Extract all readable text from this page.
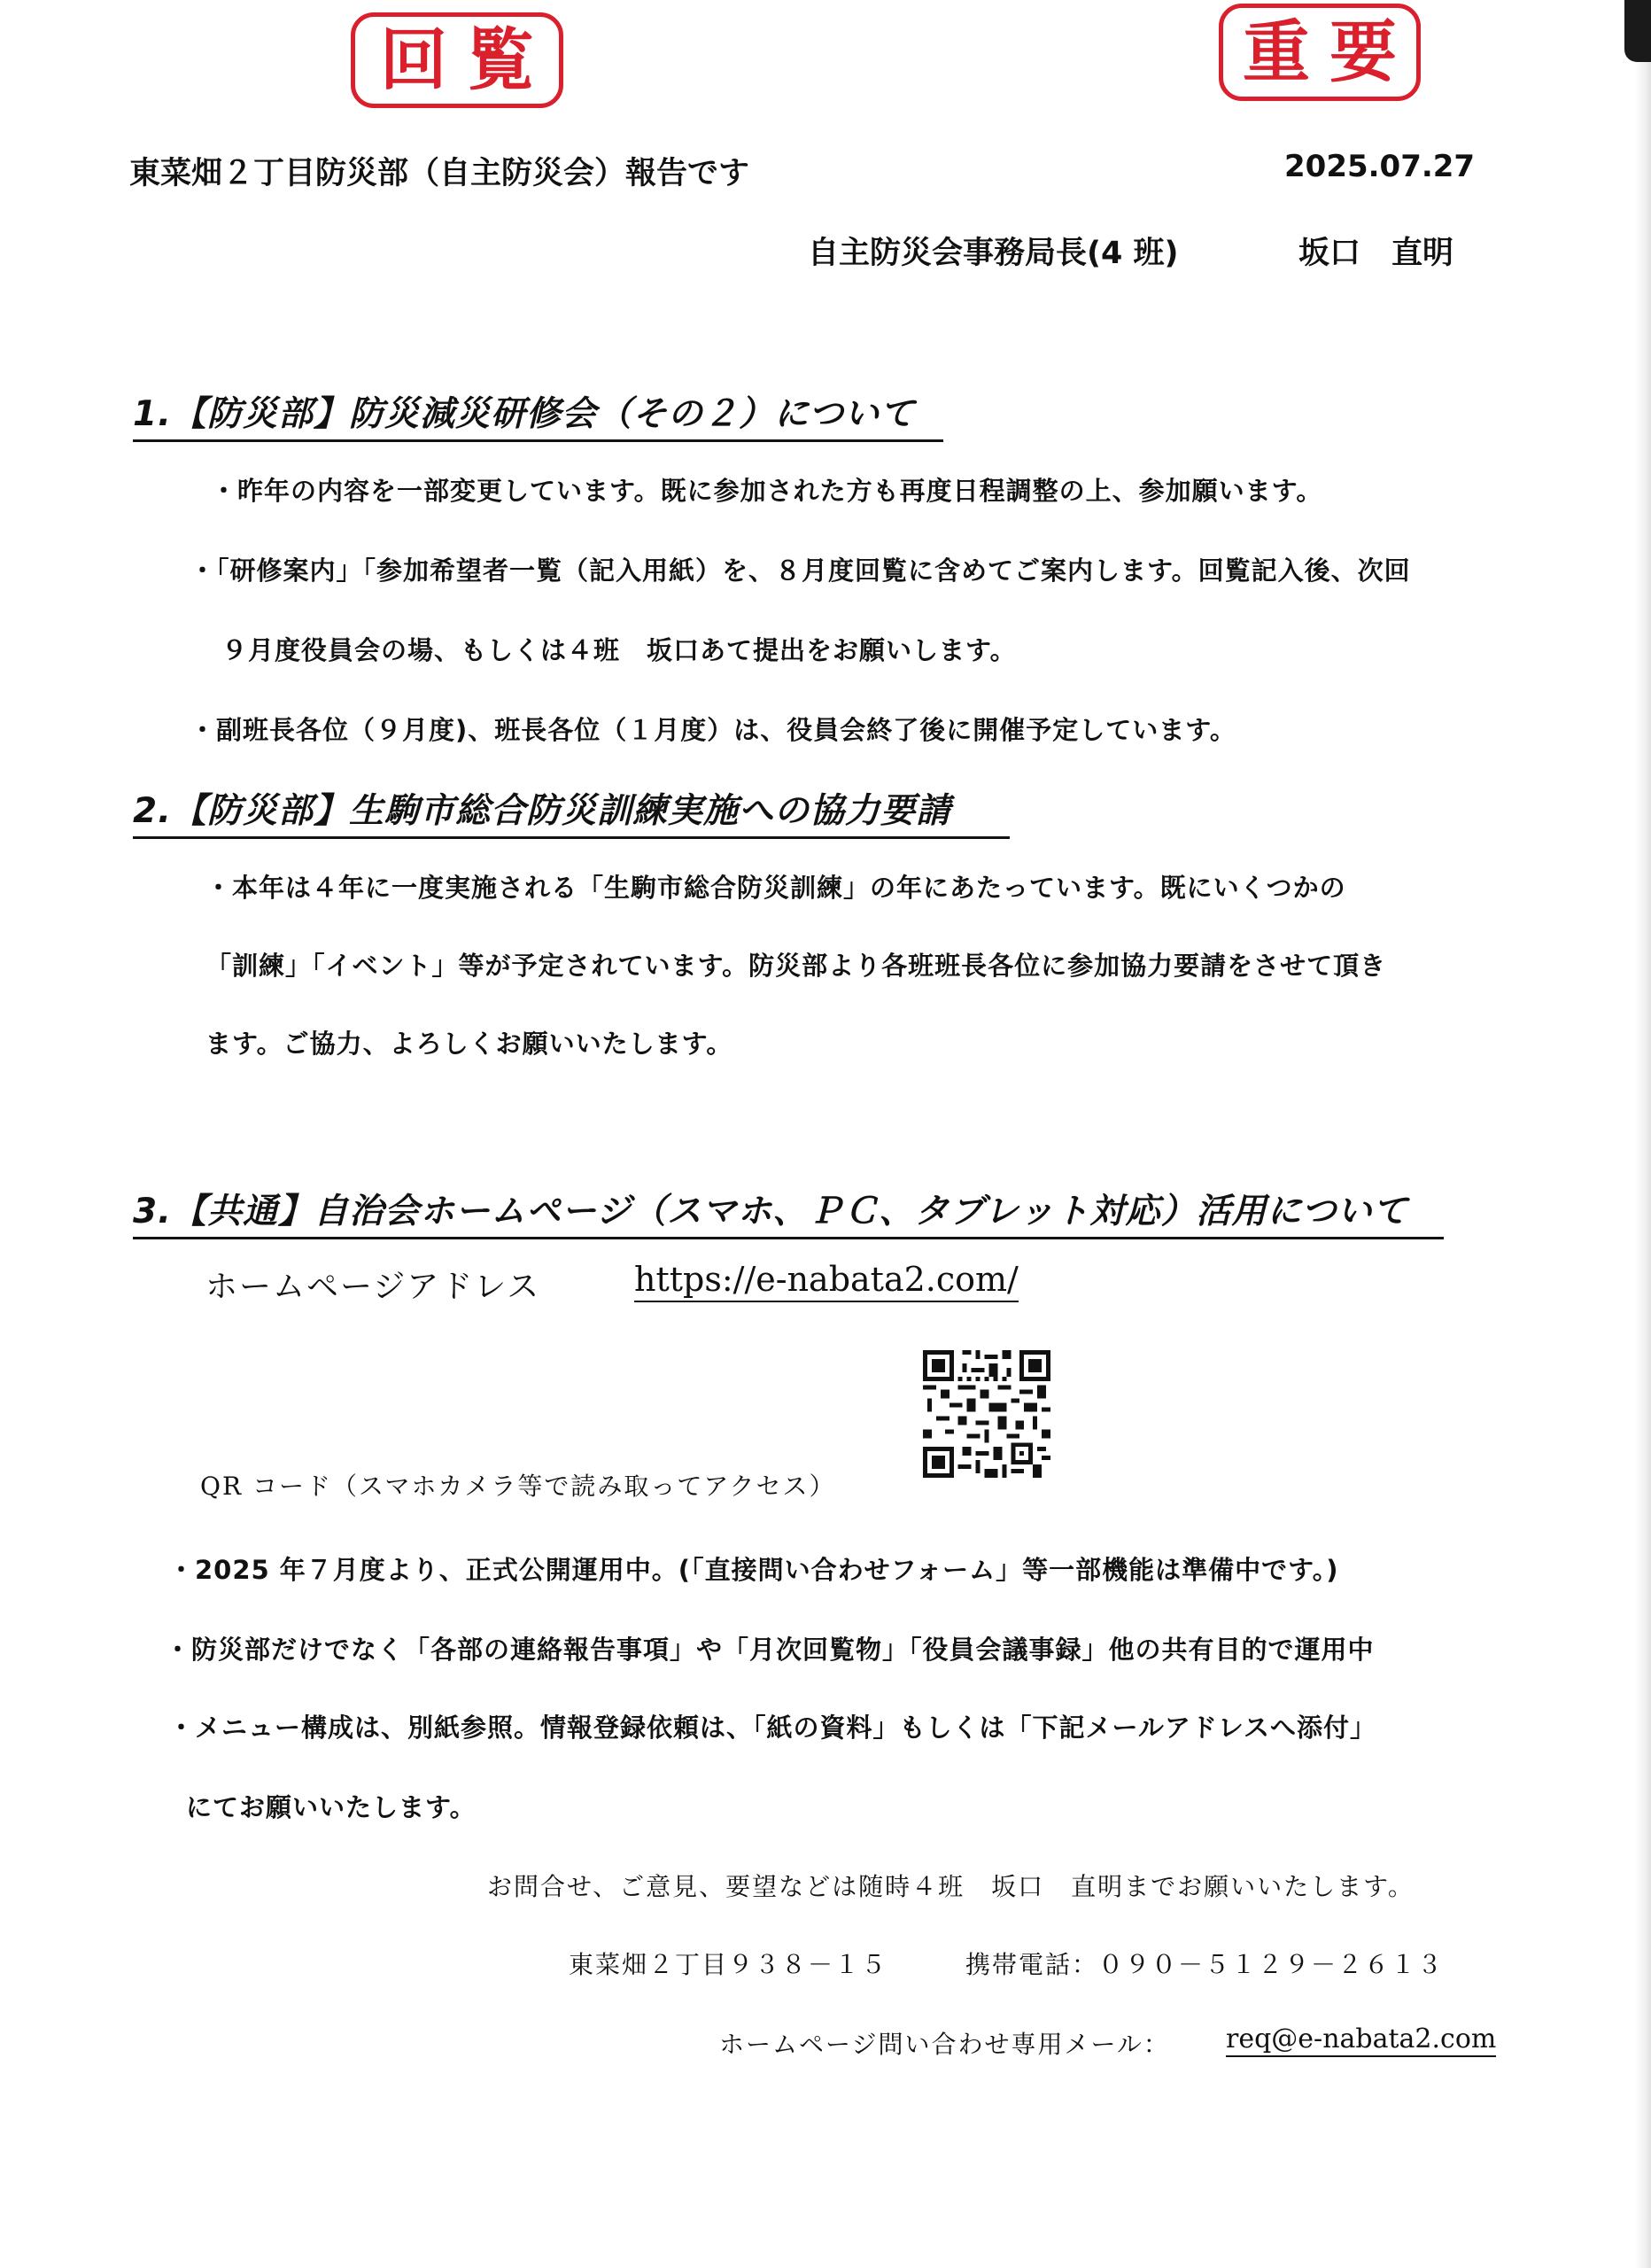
回覧	重要
東菜畑２丁目防災部（自主防災会）報告です	2025.07.27
自主防災会事務局長(4 班)	坂口　直明
1.【防災部】防災減災研修会（その２）について
・昨年の内容を一部変更しています。既に参加された方も再度日程調整の上、参加願います。
・「研修案内」「参加希望者一覧（記入用紙）を、８月度回覧に含めてご案内します。回覧記入後、次回
９月度役員会の場、もしくは４班　坂口あて提出をお願いします。
・副班長各位（９月度)、班長各位（１月度）は、役員会終了後に開催予定しています。
2.【防災部】生駒市総合防災訓練実施への協力要請
・本年は４年に一度実施される「生駒市総合防災訓練」の年にあたっています。既にいくつかの
「訓練」「イベント」等が予定されています。防災部より各班班長各位に参加協力要請をさせて頂き
ます。ご協力、よろしくお願いいたします。
3.【共通】自治会ホームページ（スマホ、ＰＣ、タブレット対応）活用について
ホームページアドレス	https://e-nabata2.com/
QR コード（スマホカメラ等で読み取ってアクセス）
・2025 年７月度より、正式公開運用中。(「直接問い合わせフォーム」等一部機能は準備中です。)
・防災部だけでなく「各部の連絡報告事項」や「月次回覧物」「役員会議事録」他の共有目的で運用中
・メニュー構成は、別紙参照。情報登録依頼は、「紙の資料」もしくは「下記メールアドレスへ添付」
にてお願いいたします。
お問合せ、ご意見、要望などは随時４班　坂口　直明までお願いいたします。
東菜畑２丁目９３８－１５	携帯電話：０９０－５１２９－２６１３
ホームページ問い合わせ専用メール： req@e-nabata2.com
